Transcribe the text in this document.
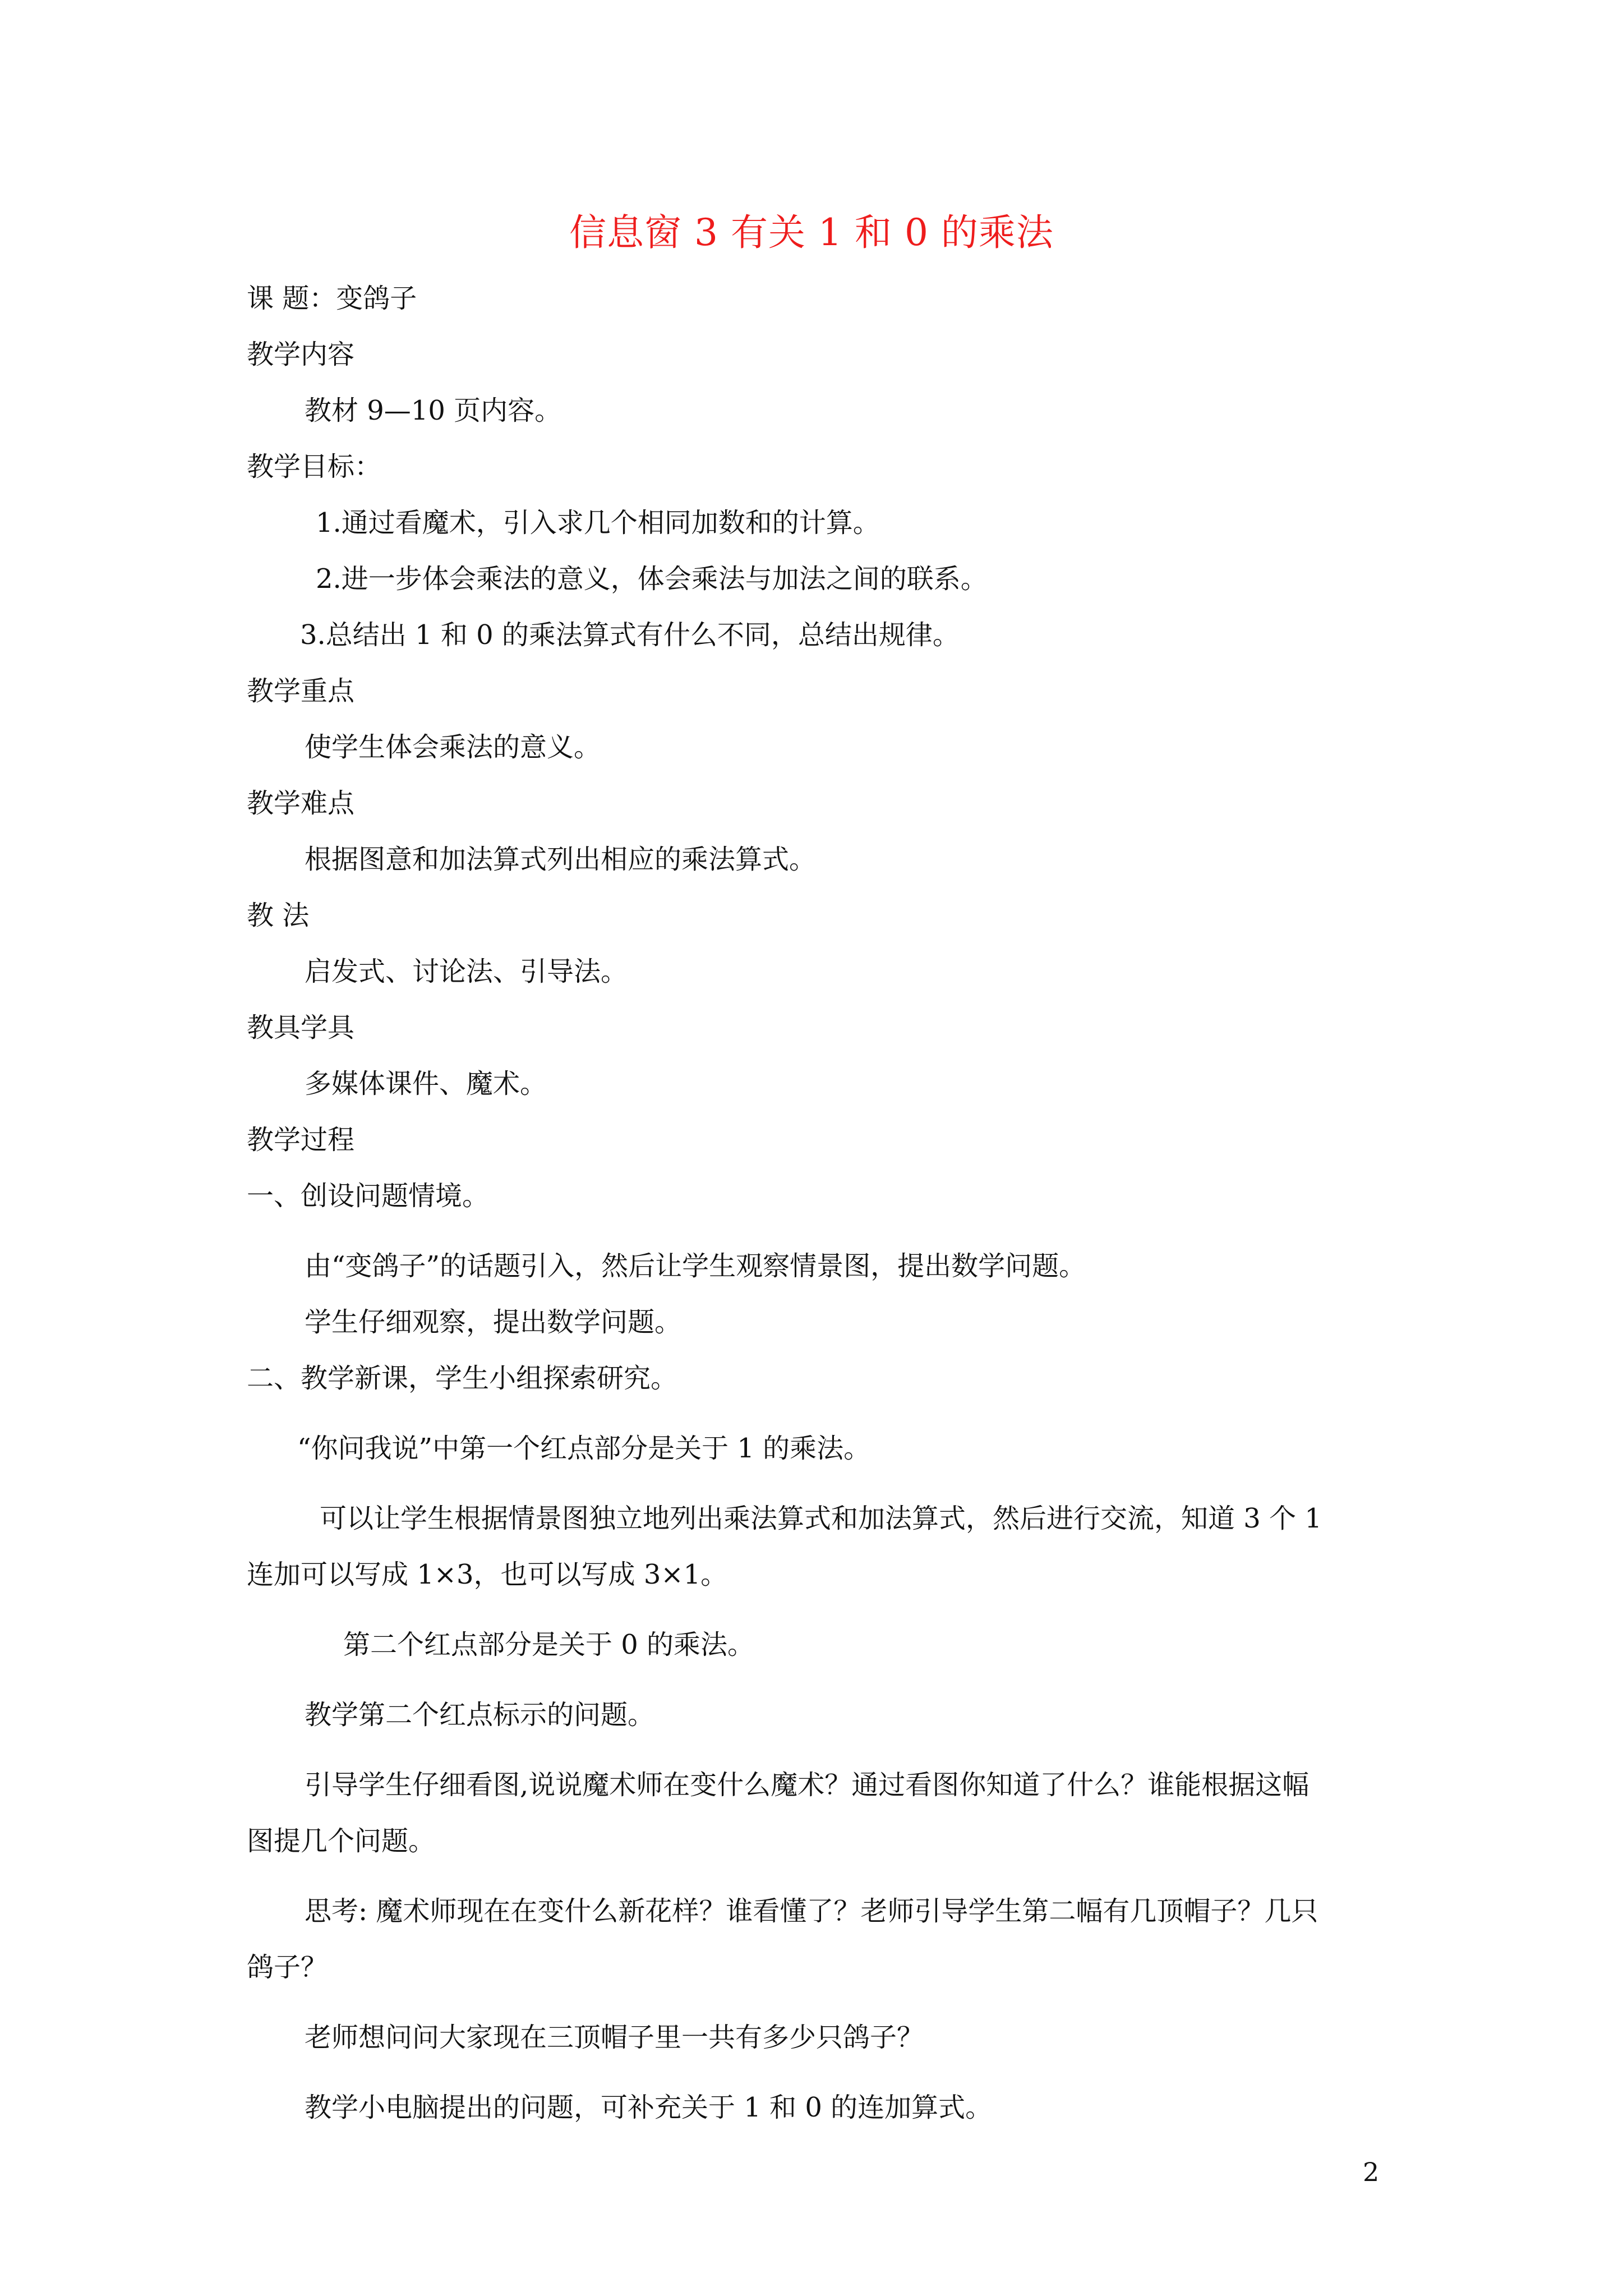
信息窗 3 有关 1 和 0 的乘法
课 题：变鸽子
教学内容
教材 9—10 页内容。
教学目标：
1.通过看魔术，引入求几个相同加数和的计算。
2.进一步体会乘法的意义，体会乘法与加法之间的联系。
3.总结出 1 和 0 的乘法算式有什么不同，总结出规律。
教学重点
使学生体会乘法的意义。
教学难点
根据图意和加法算式列出相应的乘法算式。
教 法
启发式、讨论法、引导法。
教具学具
多媒体课件、魔术。
教学过程
一、创设问题情境。
由“变鸽子”的话题引入，然后让学生观察情景图，提出数学问题。
学生仔细观察，提出数学问题。
二、教学新课，学生小组探索研究。
“你问我说”中第一个红点部分是关于 1 的乘法。
可以让学生根据情景图独立地列出乘法算式和加法算式，然后进行交流，知道 3 个 1
连加可以写成 1×3，也可以写成 3×1。
第二个红点部分是关于 0 的乘法。
教学第二个红点标示的问题。
引导学生仔细看图,说说魔术师在变什么魔术？通过看图你知道了什么？谁能根据这幅
图提几个问题。
思考: 魔术师现在在变什么新花样？谁看懂了？老师引导学生第二幅有几顶帽子？几只
鸽子？
老师想问问大家现在三顶帽子里一共有多少只鸽子？
教学小电脑提出的问题，可补充关于 1 和 0 的连加算式。
2
